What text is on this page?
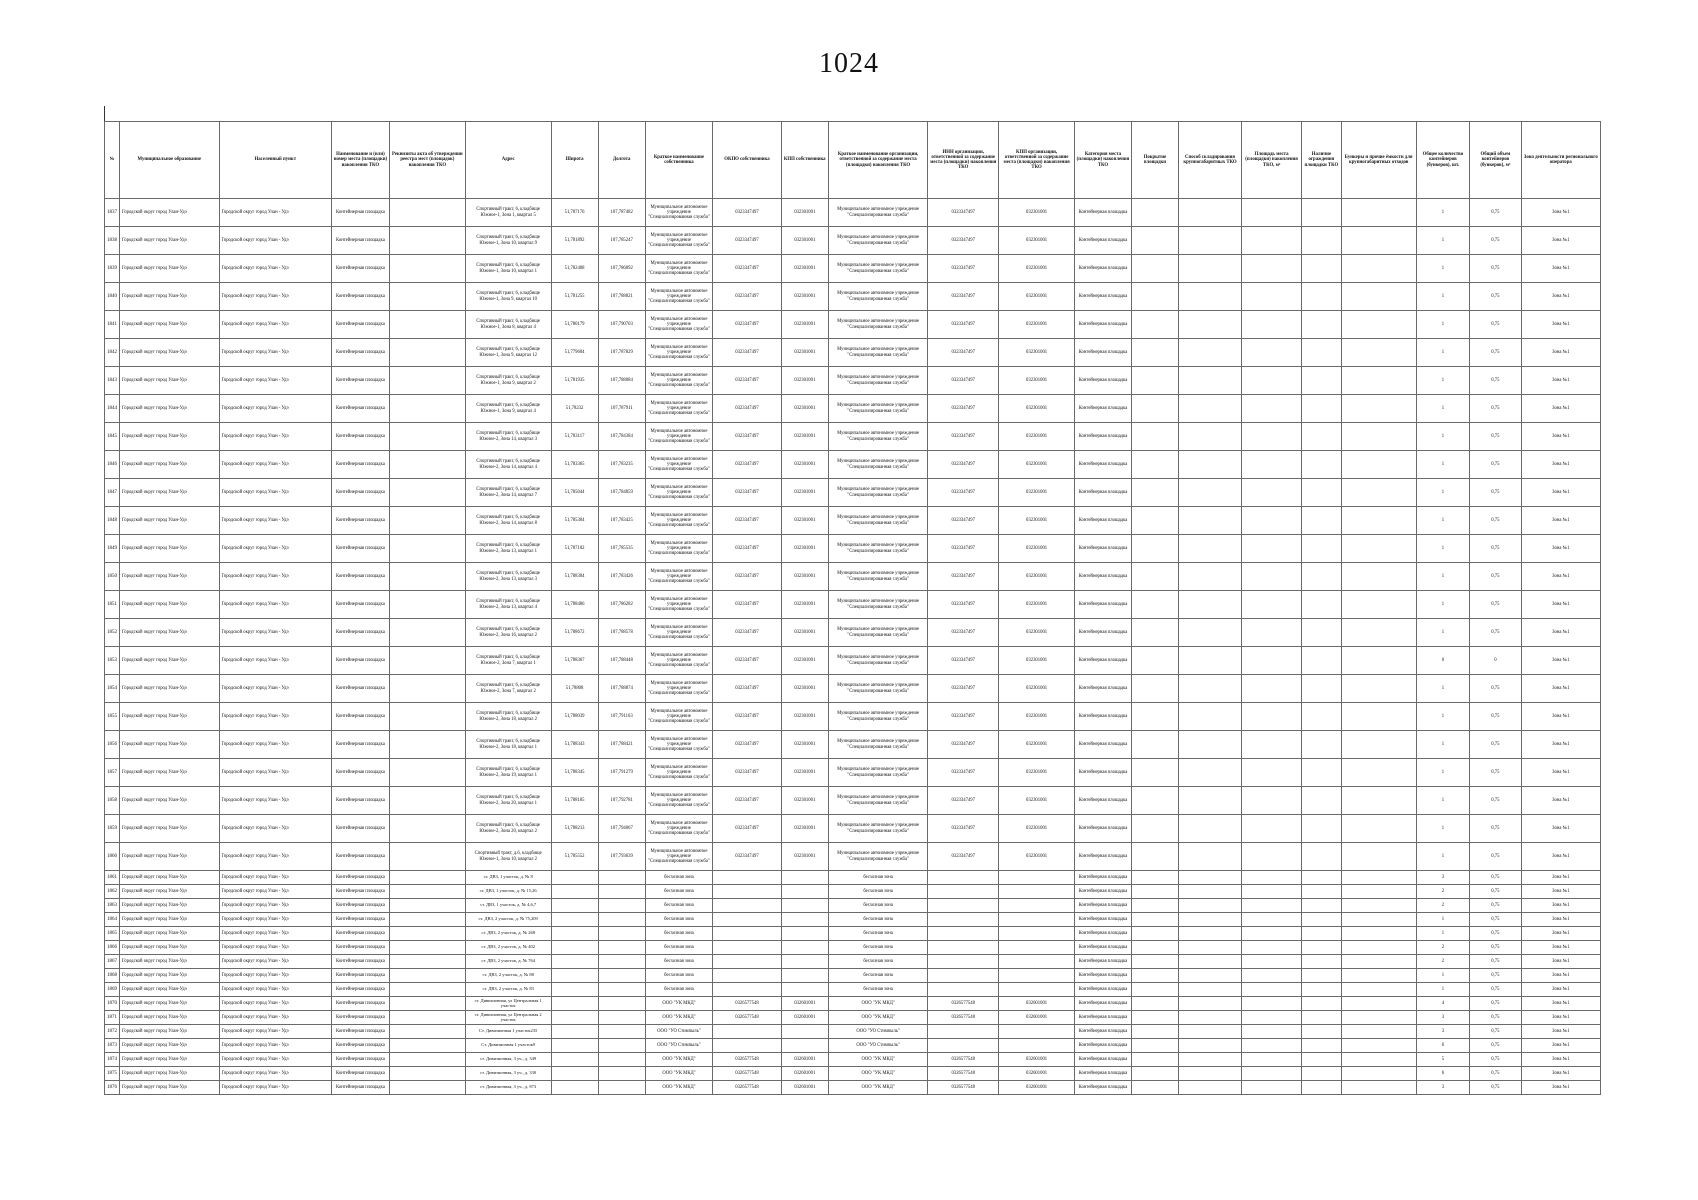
1024
№	Муниципальное образование	Населенный пункт	Наименование и (или) номер места (площадки) накопления ТКО	Реквизиты акта об утверждении реестра мест (площадок) накопления ТКО	Адрес	Широта	Долгота	Краткое наименование собственника	ОКПО собственника	КПП собственника	Краткое наименование организации, ответственной за содержание места (площадки) накопления ТКО	ИНН организации, ответственной за содержание места (площадки) накопления ТКО	КПП организации, ответственной за содержание места (площадки) накопления ТКО	Категория места (площадки) накопления ТКО	Покрытие площадки	Способ складирования крупногабаритных ТКО	Площадь места (площадки) накопления ТКО, м²	Наличие ограждения площадки ТКО	Бункеры и прочие ёмкости для крупногабаритных отходов	Общее количество контейнеров (бункеров), шт.	Общий объем контейнеров (бункеров), м³	Зона деятельности регионального оператора
1837	Городской округ город Улан-Удэ	Городской округ город Улан - Удэ	Контейнерная площадка		Спортивный тракт, 6, кладбище Южное-1, Зона 1, квартал 5	51,787176	107,787482	Муниципальное автономное учреждение "Специализированная служба"	0323347497	032301001	Муниципальное автономное учреждение "Специализированная служба"	0323347497	032301001	Контейнерная площадка						1	0,75	Зона №1
1838	Городской округ город Улан-Удэ	Городской округ город Улан - Удэ	Контейнерная площадка		Спортивный тракт, 6, кладбище Южное-1, Зона 10, квартал 9	51,781892	107,785247	Муниципальное автономное учреждение "Специализированная служба"	0323347497	032301001	Муниципальное автономное учреждение "Специализированная служба"	0323347497	032301001	Контейнерная площадка						1	0,75	Зона №1
1839	Городской округ город Улан-Удэ	Городской округ город Улан - Удэ	Контейнерная площадка		Спортивный тракт, 6, кладбище Южное-1, Зона 10, квартал 1	51,782408	107,786892	Муниципальное автономное учреждение "Специализированная служба"	0323347497	032301001	Муниципальное автономное учреждение "Специализированная служба"	0323347497	032301001	Контейнерная площадка						1	0,75	Зона №1
1840	Городской округ город Улан-Удэ	Городской округ город Улан - Удэ	Контейнерная площадка		Спортивный тракт, 6, кладбище Южное-1, Зона 9, квартал 10	51,781255	107,788821	Муниципальное автономное учреждение "Специализированная служба"	0323347497	032301001	Муниципальное автономное учреждение "Специализированная служба"	0323347497	032301001	Контейнерная площадка						1	0,75	Зона №1
1841	Городской округ город Улан-Удэ	Городской округ город Улан - Удэ	Контейнерная площадка		Спортивный тракт, 6, кладбище Южное-1, Зона 8, квартал 4	51,780179	107,790703	Муниципальное автономное учреждение "Специализированная служба"	0323347497	032301001	Муниципальное автономное учреждение "Специализированная служба"	0323347497	032301001	Контейнерная площадка						1	0,75	Зона №1
1842	Городской округ город Улан-Удэ	Городской округ город Улан - Удэ	Контейнерная площадка		Спортивный тракт, 6, кладбище Южное-1, Зона 9, квартал 12	51,779604	107,787829	Муниципальное автономное учреждение "Специализированная служба"	0323347497	032301001	Муниципальное автономное учреждение "Специализированная служба"	0323347497	032301001	Контейнерная площадка						1	0,75	Зона №1
1843	Городской округ город Улан-Удэ	Городской округ город Улан - Удэ	Контейнерная площадка		Спортивный тракт, 6, кладбище Южное-1, Зона 9, квартал 2	51,781935	107,788084	Муниципальное автономное учреждение "Специализированная служба"	0323347497	032301001	Муниципальное автономное учреждение "Специализированная служба"	0323347497	032301001	Контейнерная площадка						1	0,75	Зона №1
1844	Городской округ город Улан-Удэ	Городской округ город Улан - Удэ	Контейнерная площадка		Спортивный тракт, 6, кладбище Южное-1, Зона 9, квартал 4	51,78232	107,787911	Муниципальное автономное учреждение "Специализированная служба"	0323347497	032301001	Муниципальное автономное учреждение "Специализированная служба"	0323347497	032301001	Контейнерная площадка						1	0,75	Зона №1
1845	Городской округ город Улан-Удэ	Городской округ город Улан - Удэ	Контейнерная площадка		Спортивный тракт, 6, кладбище Южное-2, Зона 14, квартал 3	51,783117	107,784384	Муниципальное автономное учреждение "Специализированная служба"	0323347497	032301001	Муниципальное автономное учреждение "Специализированная служба"	0323347497	032301001	Контейнерная площадка						1	0,75	Зона №1
1846	Городской округ город Улан-Удэ	Городской округ город Улан - Удэ	Контейнерная площадка		Спортивный тракт, 6, кладбище Южное-2, Зона 14, квартал 4	51,783365	107,783235	Муниципальное автономное учреждение "Специализированная служба"	0323347497	032301001	Муниципальное автономное учреждение "Специализированная служба"	0323347497	032301001	Контейнерная площадка						1	0,75	Зона №1
1847	Городской округ город Улан-Удэ	Городской округ город Улан - Удэ	Контейнерная площадка		Спортивный тракт, 6, кладбище Южное-2, Зона 14, квартал 7	51,785044	107,784859	Муниципальное автономное учреждение "Специализированная служба"	0323347497	032301001	Муниципальное автономное учреждение "Специализированная служба"	0323347497	032301001	Контейнерная площадка						1	0,75	Зона №1
1848	Городской округ город Улан-Удэ	Городской округ город Улан - Удэ	Контейнерная площадка		Спортивный тракт, 6, кладбище Южное-2, Зона 14, квартал 8	51,785304	107,783425	Муниципальное автономное учреждение "Специализированная служба"	0323347497	032301001	Муниципальное автономное учреждение "Специализированная служба"	0323347497	032301001	Контейнерная площадка						1	0,75	Зона №1
1849	Городской округ город Улан-Удэ	Городской округ город Улан - Удэ	Контейнерная площадка		Спортивный тракт, 6, кладбище Южное-2, Зона 13, квартал 1	51,787102	107,785535	Муниципальное автономное учреждение "Специализированная служба"	0323347497	032301001	Муниципальное автономное учреждение "Специализированная служба"	0323347497	032301001	Контейнерная площадка						1	0,75	Зона №1
1850	Городской округ город Улан-Удэ	Городской округ город Улан - Удэ	Контейнерная площадка		Спортивный тракт, 6, кладбище Южное-2, Зона 13, квартал 3	51,788304	107,783426	Муниципальное автономное учреждение "Специализированная служба"	0323347497	032301001	Муниципальное автономное учреждение "Специализированная служба"	0323347497	032301001	Контейнерная площадка						1	0,75	Зона №1
1851	Городской округ город Улан-Удэ	Городской округ город Улан - Удэ	Контейнерная площадка		Спортивный тракт, 6, кладбище Южное-2, Зона 13, квартал 4	51,788406	107,786282	Муниципальное автономное учреждение "Специализированная служба"	0323347497	032301001	Муниципальное автономное учреждение "Специализированная служба"	0323347497	032301001	Контейнерная площадка						1	0,75	Зона №1
1852	Городской округ город Улан-Удэ	Городской округ город Улан - Удэ	Контейнерная площадка		Спортивный тракт, 6, кладбище Южное-2, Зона 16, квартал 2	51,788672	107,788578	Муниципальное автономное учреждение "Специализированная служба"	0323347497	032301001	Муниципальное автономное учреждение "Специализированная служба"	0323347497	032301001	Контейнерная площадка						1	0,75	Зона №1
1853	Городской округ город Улан-Удэ	Городской округ город Улан - Удэ	Контейнерная площадка		Спортивный тракт, 6, кладбище Южное-2, Зона 7, квартал 1	51,788367	107,788448	Муниципальное автономное учреждение "Специализированная служба"	0323347497	032301001	Муниципальное автономное учреждение "Специализированная служба"	0323347497	032301001	Контейнерная площадка						0	0	Зона №1
1854	Городской округ город Улан-Удэ	Городской округ город Улан - Удэ	Контейнерная площадка		Спортивный тракт, 6, кладбище Южное-2, Зона 7, квартал 2	51,78808	107,788874	Муниципальное автономное учреждение "Специализированная служба"	0323347497	032301001	Муниципальное автономное учреждение "Специализированная служба"	0323347497	032301001	Контейнерная площадка						1	0,75	Зона №1
1855	Городской округ город Улан-Удэ	Городской округ город Улан - Удэ	Контейнерная площадка		Спортивный тракт, 6, кладбище Южное-2, Зона 18, квартал 2	51,788039	107,791163	Муниципальное автономное учреждение "Специализированная служба"	0323347497	032301001	Муниципальное автономное учреждение "Специализированная служба"	0323347497	032301001	Контейнерная площадка						1	0,75	Зона №1
1856	Городской округ город Улан-Удэ	Городской округ город Улан - Удэ	Контейнерная площадка		Спортивный тракт, 6, кладбище Южное-2, Зона 18, квартал 1	51,788343	107,788421	Муниципальное автономное учреждение "Специализированная служба"	0323347497	032301001	Муниципальное автономное учреждение "Специализированная служба"	0323347497	032301001	Контейнерная площадка						1	0,75	Зона №1
1857	Городской округ город Улан-Удэ	Городской округ город Улан - Удэ	Контейнерная площадка		Спортивный тракт, 6, кладбище Южное-2, Зона 19, квартал 1	51,788345	107,791279	Муниципальное автономное учреждение "Специализированная служба"	0323347497	032301001	Муниципальное автономное учреждение "Специализированная служба"	0323347497	032301001	Контейнерная площадка						1	0,75	Зона №1
1858	Городской округ город Улан-Удэ	Городской округ город Улан - Удэ	Контейнерная площадка		Спортивный тракт, 6, кладбище Южное-2, Зона 20, квартал 1	51,788105	107,792781	Муниципальное автономное учреждение "Специализированная служба"	0323347497	032301001	Муниципальное автономное учреждение "Специализированная служба"	0323347497	032301001	Контейнерная площадка						1	0,75	Зона №1
1859	Городской округ город Улан-Удэ	Городской округ город Улан - Удэ	Контейнерная площадка		Спортивный тракт, 6, кладбище Южное-2, Зона 20, квартал 2	51,788213	107,794067	Муниципальное автономное учреждение "Специализированная служба"	0323347497	032301001	Муниципальное автономное учреждение "Специализированная служба"	0323347497	032301001	Контейнерная площадка						1	0,75	Зона №1
1860	Городской округ город Улан-Удэ	Городской округ город Улан - Удэ	Контейнерная площадка		Спортивный тракт, д.6, кладбище Южное-1, Зона 10, квартал 2	51,785552	107,793639	Муниципальное автономное учреждение "Специализированная служба"	0323347497	032301001	Муниципальное автономное учреждение "Специализированная служба"	0323347497	032301001	Контейнерная площадка						1	0,75	Зона №1
1861	Городской округ город Улан-Удэ	Городской округ город Улан - Удэ	Контейнерная площадка		ст. ДВЗ, 1 участок, д. № 8			бесхозная зона			бесхозная зона			Контейнерная площадка						3	0,75	Зона №1
1862	Городской округ город Улан-Удэ	Городской округ город Улан - Удэ	Контейнерная площадка		ст. ДВЗ, 1 участок, д. № 15,26			бесхозная зона			бесхозная зона			Контейнерная площадка						2	0,75	Зона №1
1863	Городской округ город Улан-Удэ	Городской округ город Улан - Удэ	Контейнерная площадка		ст. ДВЗ, 1 участок, д. № 4,6,7			бесхозная зона			бесхозная зона			Контейнерная площадка						2	0,75	Зона №1
1864	Городской округ город Улан-Удэ	Городской округ город Улан - Удэ	Контейнерная площадка		ст. ДВЗ, 2 участок, д. № 75,209			бесхозная зона			бесхозная зона			Контейнерная площадка						1	0,75	Зона №1
1865	Городской округ город Улан-Удэ	Городской округ город Улан - Удэ	Контейнерная площадка		ст. ДВЗ, 2 участок, д. № 268			бесхозная зона			бесхозная зона			Контейнерная площадка						1	0,75	Зона №1
1866	Городской округ город Улан-Удэ	Городской округ город Улан - Удэ	Контейнерная площадка		ст. ДВЗ, 2 участок, д. № 402			бесхозная зона			бесхозная зона			Контейнерная площадка						2	0,75	Зона №1
1867	Городской округ город Улан-Удэ	Городской округ город Улан - Удэ	Контейнерная площадка		ст. ДВЗ, 2 участок, д. № 764			бесхозная зона			бесхозная зона			Контейнерная площадка						2	0,75	Зона №1
1868	Городской округ город Улан-Удэ	Городской округ город Улан - Удэ	Контейнерная площадка		ст. ДВЗ, 2 участок, д. № 88			бесхозная зона			бесхозная зона			Контейнерная площадка						1	0,75	Зона №1
1869	Городской округ город Улан-Удэ	Городской округ город Улан - Удэ	Контейнерная площадка		ст. ДВЗ, 2 участок, д. № 83			бесхозная зона			бесхозная зона			Контейнерная площадка						1	0,75	Зона №1
1870	Городской округ город Улан-Удэ	Городской округ город Улан - Удэ	Контейнерная площадка		ст. Дивизионная, ул Центральная 1 участок			ООО "УК МКД"	0326577548	032601001	ООО "УК МКД"	0326577548	032601001	Контейнерная площадка						4	0,75	Зона №1
1871	Городской округ город Улан-Удэ	Городской округ город Улан - Удэ	Контейнерная площадка		ст. Дивизионная, ул Центральная 2 участок			ООО "УК МКД"	0326577548	032601001	ООО "УК МКД"	0326577548	032601001	Контейнерная площадка						3	0,75	Зона №1
1872	Городской округ город Улан-Удэ	Городской округ город Улан - Удэ	Контейнерная площадка		Ст. Дивизионная 1 участок235			ООО "УО Стимпыль"			ООО "УО Стимпыль"			Контейнерная площадка						3	0,75	Зона №1
1873	Городской округ город Улан-Удэ	Городской округ город Улан - Удэ	Контейнерная площадка		Ст. Дивизионная 1 участок9			ООО "УО Стимпыль"			ООО "УО Стимпыль"			Контейнерная площадка						6	0,75	Зона №1
1874	Городской округ город Улан-Удэ	Городской округ город Улан - Удэ	Контейнерная площадка		ст. Дивизионная, 3 уч., д. 349			ООО "УК МКД"	0326577548	032601001	ООО "УК МКД"	0326577548	032601001	Контейнерная площадка						5	0,75	Зона №1
1875	Городской округ город Улан-Удэ	Городской округ город Улан - Удэ	Контейнерная площадка		ст. Дивизионная, 3 уч., д. 330			ООО "УК МКД"	0326577548	032601001	ООО "УК МКД"	0326577548	032601001	Контейнерная площадка						6	0,75	Зона №1
1876	Городской округ город Улан-Удэ	Городской округ город Улан - Удэ	Контейнерная площадка		ст. Дивизионная, 3 уч., д. 873			ООО "УК МКД"	0326577548	032601001	ООО "УК МКД"	0326577548	032601001	Контейнерная площадка						3	0,75	Зона №1
